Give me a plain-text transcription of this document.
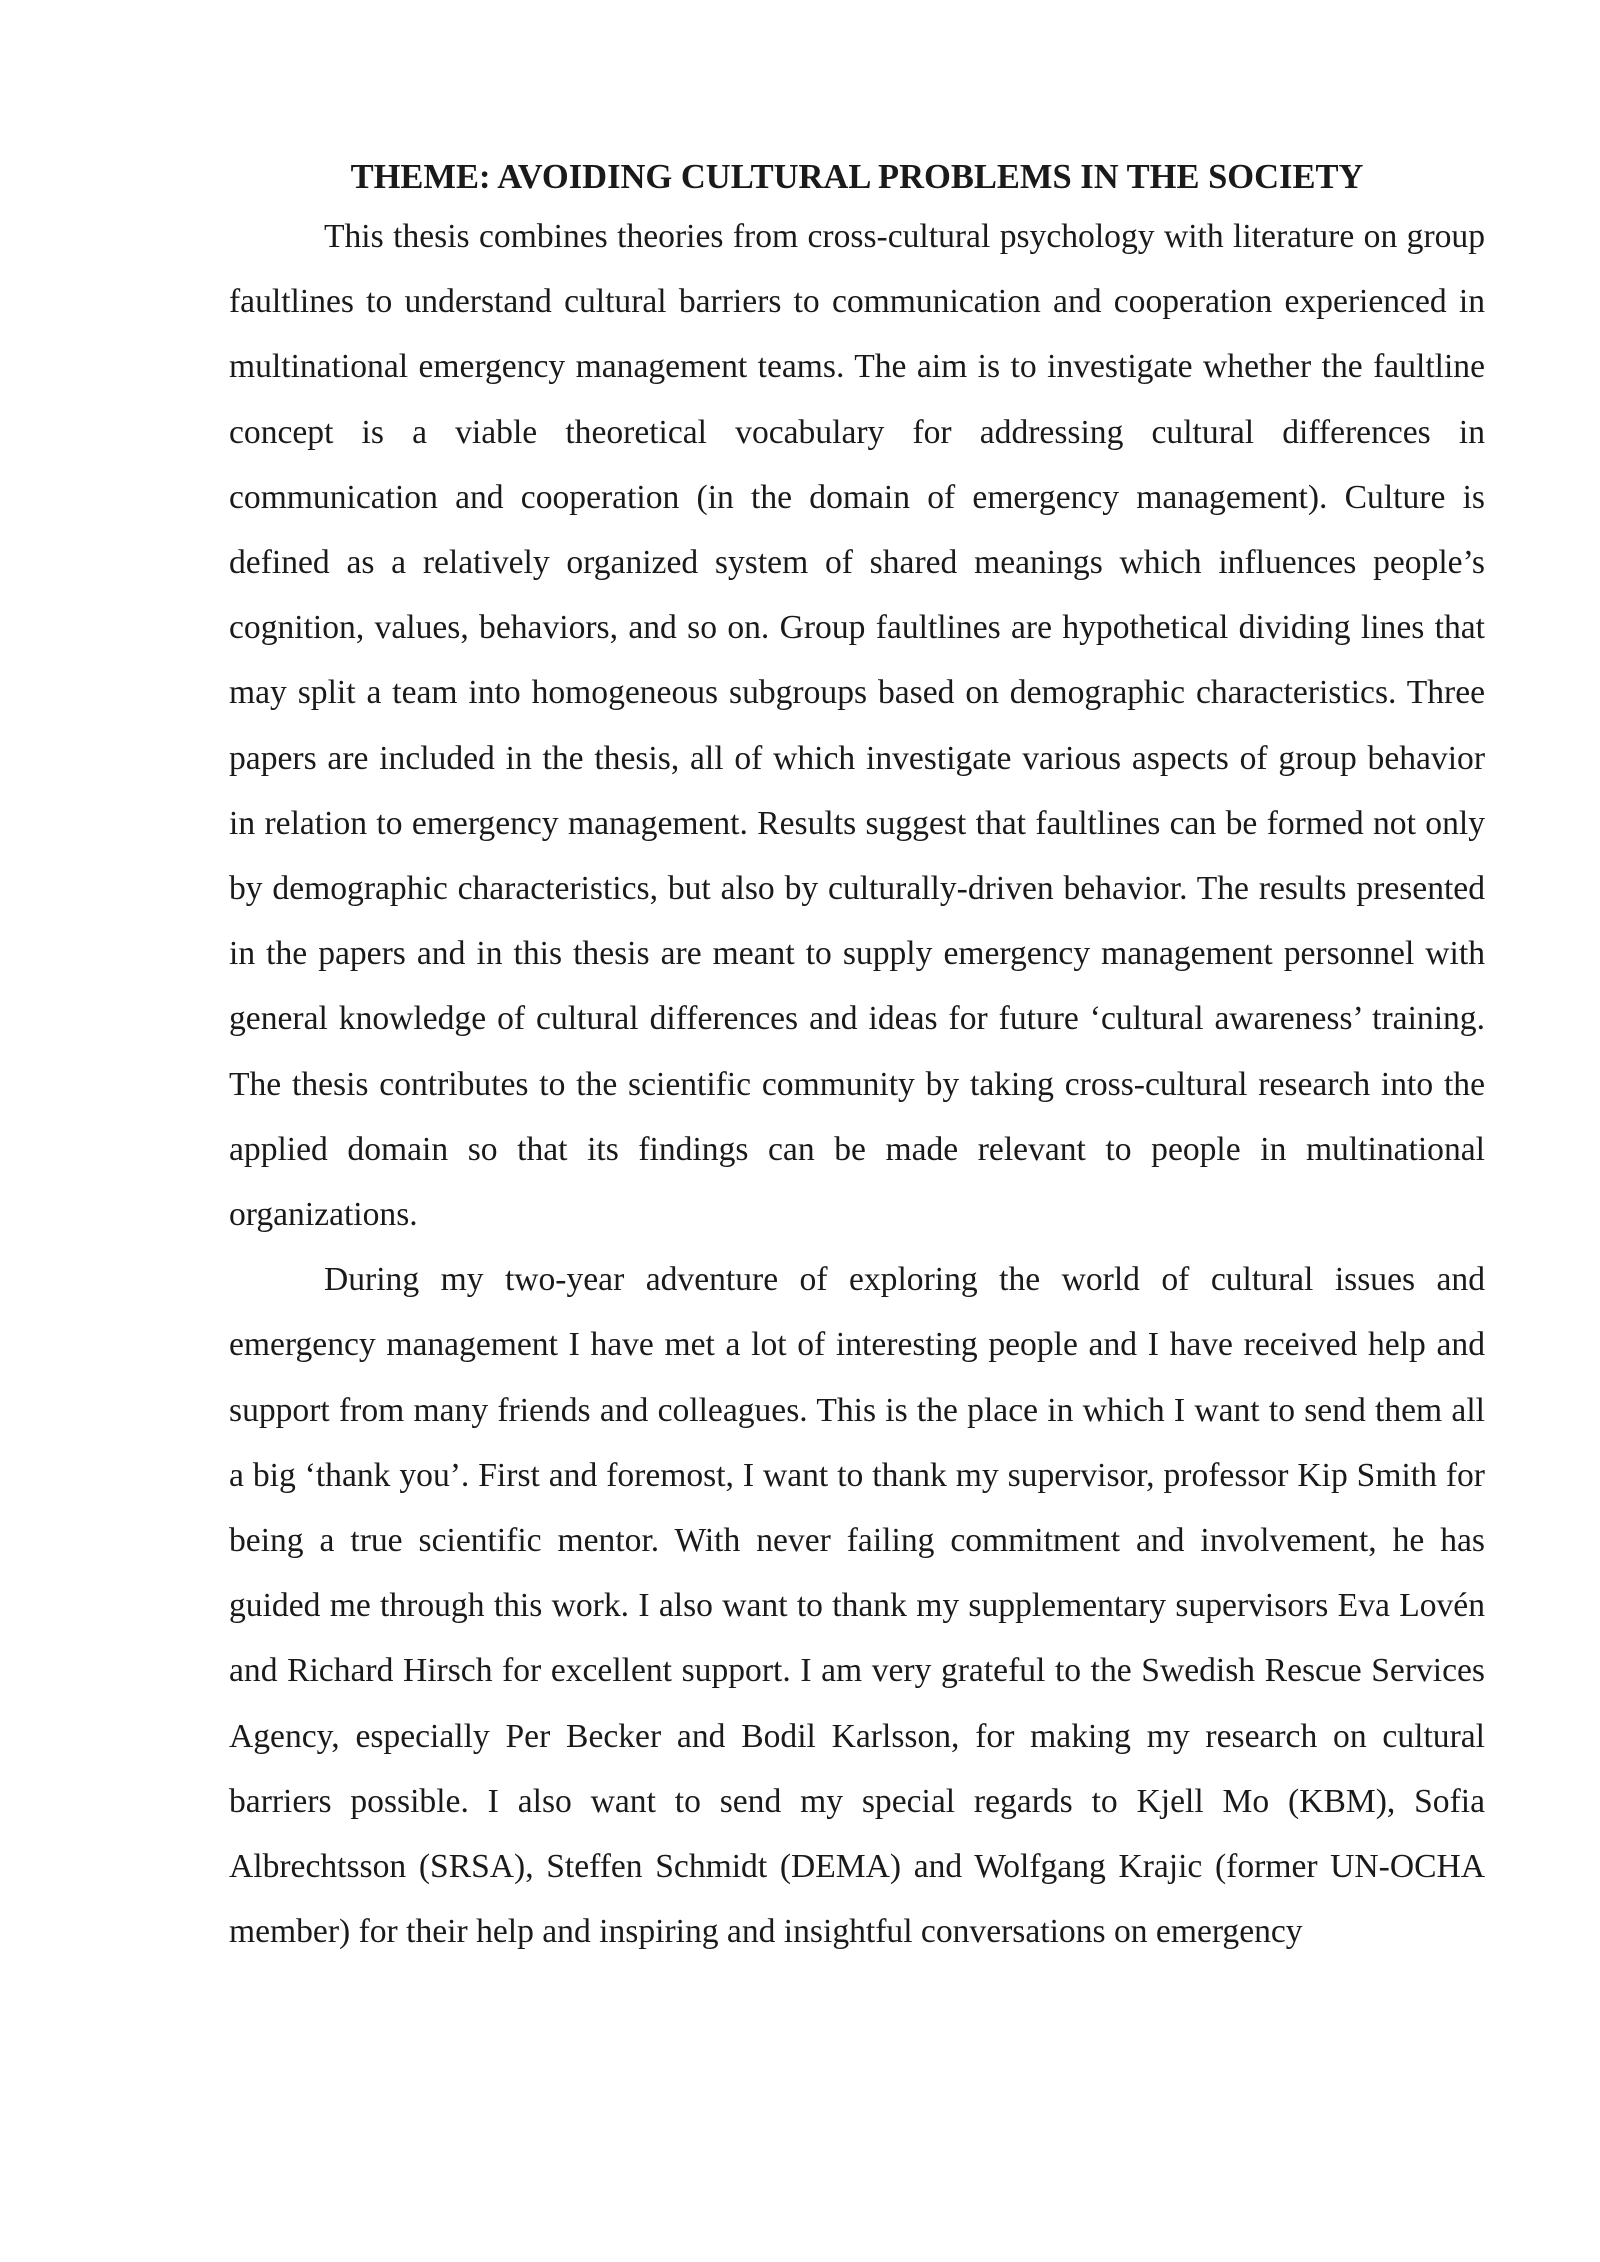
THEME: AVOIDING CULTURAL PROBLEMS IN THE SOCIETY

This thesis combines theories from cross-cultural psychology with literature on group faultlines to understand cultural barriers to communication and cooperation experienced in multinational emergency management teams. The aim is to investigate whether the faultline concept is a viable theoretical vocabulary for addressing cultural differences in communication and cooperation (in the domain of emergency management). Culture is defined as a relatively organized system of shared meanings which influences people’s cognition, values, behaviors, and so on. Group faultlines are hypothetical dividing lines that may split a team into homogeneous subgroups based on demographic characteristics. Three papers are included in the thesis, all of which investigate various aspects of group behavior in relation to emergency management. Results suggest that faultlines can be formed not only by demographic characteristics, but also by culturally-driven behavior. The results presented in the papers and in this thesis are meant to supply emergency management personnel with general knowledge of cultural differences and ideas for future ‘cultural awareness’ training. The thesis contributes to the scientific community by taking cross-cultural research into the applied domain so that its findings can be made relevant to people in multinational organizations.

During my two-year adventure of exploring the world of cultural issues and emergency management I have met a lot of interesting people and I have received help and support from many friends and colleagues. This is the place in which I want to send them all a big ‘thank you’. First and foremost, I want to thank my supervisor, professor Kip Smith for being a true scientific mentor. With never failing commitment and involvement, he has guided me through this work. I also want to thank my supplementary supervisors Eva Lovén and Richard Hirsch for excellent support. I am very grateful to the Swedish Rescue Services Agency, especially Per Becker and Bodil Karlsson, for making my research on cultural barriers possible. I also want to send my special regards to Kjell Mo (KBM), Sofia Albrechtsson (SRSA), Steffen Schmidt (DEMA) and Wolfgang Krajic (former UN-OCHA member) for their help and inspiring and insightful conversations on emergency
